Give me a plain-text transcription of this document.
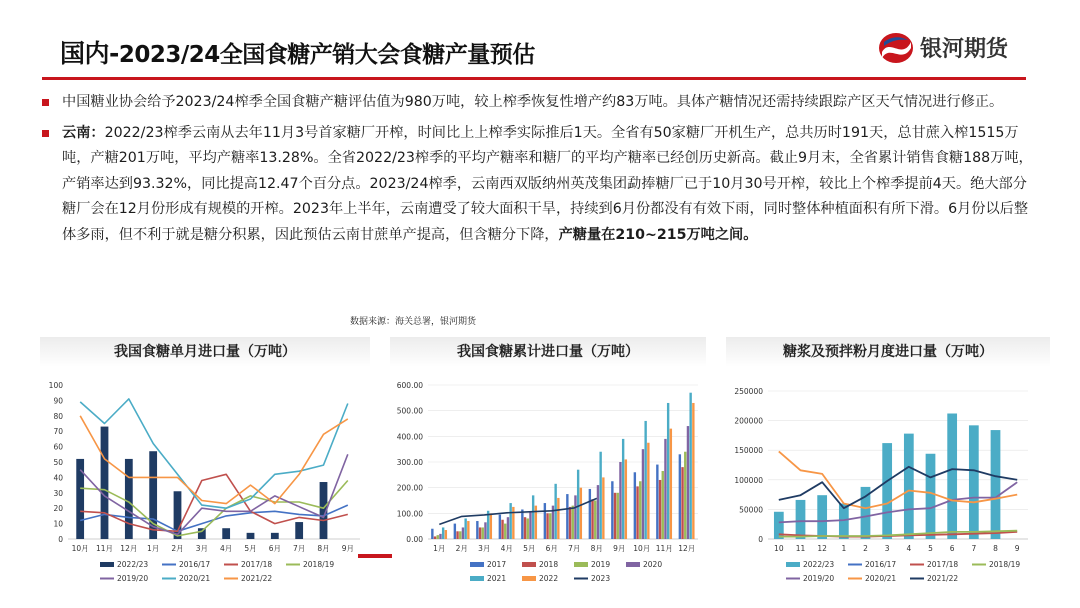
国内-2023/24全国食糖产销大会食糖产量预估	银河期货
中国糖业协会给予2023/24榨季全国食糖产糖评估值为980万吨，较上榨季恢复性增产约83万吨。具体产糖情况还需持续跟踪产区天气情况进行修正。
云南：2022/23榨季云南从去年11月3号首家糖厂开榨，时间比上上榨季实际推后1天。全省有50家糖厂开机生产，总共历时191天，总甘蔗入榨1515万吨，产糖201万吨，平均产糖率13.28%。全省2022/23榨季的平均产糖率和糖厂的平均产糖率已经创历史新高。截止9月末，全省累计销售食糖188万吨，产销率达到93.32%，同比提高12.47个百分点。2023/24榨季，云南西双版纳州英茂集团勐捧糖厂已于10月30号开榨，较比上个榨季提前4天。绝大部分糖厂会在12月份形成有规模的开榨。2023年上半年，云南遭受了较大面积干旱，持续到6月份都没有有效下雨，同时整体种植面积有所下滑。6月份以后整体多雨，但不利于就是糖分积累，因此预估云南甘蔗单产提高，但含糖分下降，产糖量在210~215万吨之间。
数据来源：海关总署，银河期货
我国食糖单月进口量（万吨）
0
10
20
30
40
50
60
70
80
90
100
10月 11月 12月 1月 2月 3月 4月 5月 6月 7月 8月 9月
2022/23	2016/17	2017/18	2018/19
2019/20	2020/21	2021/22
我国食糖累计进口量（万吨）
0.00
100.00
200.00
300.00
400.00
500.00
600.00
1月 2月 3月 4月 5月 6月 7月 8月 9月 10月 11月 12月
2017	2018	2019	2020
2021	2022	2023
糖浆及预拌粉月度进口量（万吨）
0
50000
100000
150000
200000
250000
10 11 12 1 2 3 4 5 6 7 8 9
2022/23	2016/17	2017/18	2018/19
2019/20	2020/21	2021/22
